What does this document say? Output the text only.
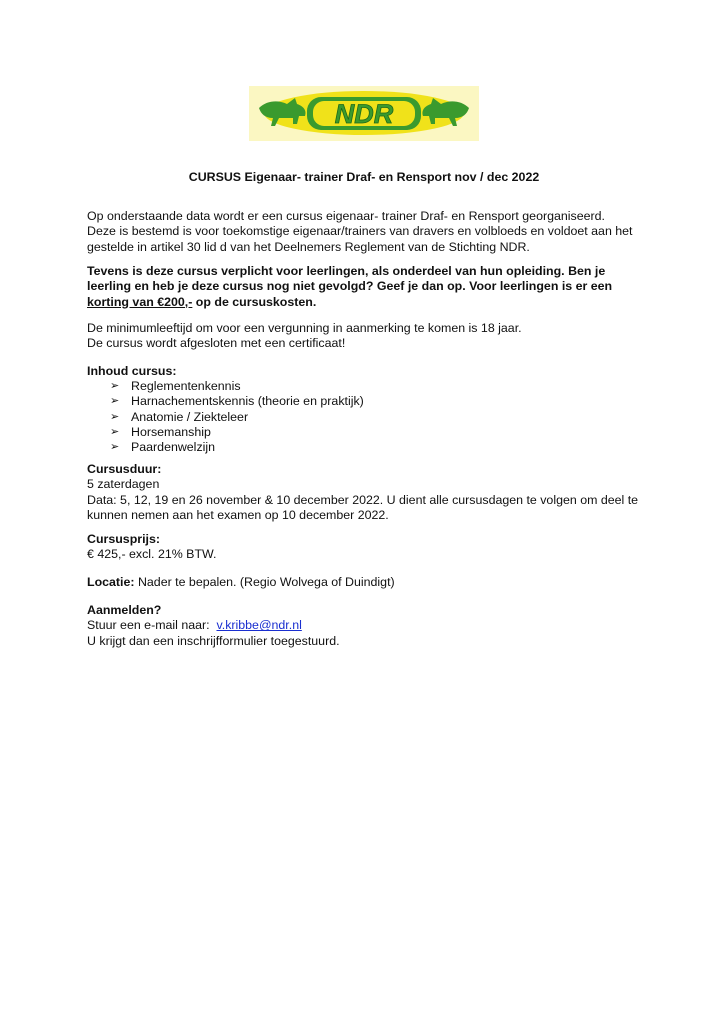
NDR
CURSUS Eigenaar- trainer Draf- en Rensport nov / dec 2022
Op onderstaande data wordt er een cursus eigenaar- trainer Draf- en Rensport georganiseerd.
Deze is bestemd is voor toekomstige eigenaar/trainers van dravers en volbloeds en voldoet aan het
gestelde in artikel 30 lid d van het Deelnemers Reglement van de Stichting NDR.
Tevens is deze cursus verplicht voor leerlingen, als onderdeel van hun opleiding. Ben je
leerling en heb je deze cursus nog niet gevolgd? Geef je dan op. Voor leerlingen is er een
korting van €200,- op de cursuskosten.
De minimumleeftijd om voor een vergunning in aanmerking te komen is 18 jaar.
De cursus wordt afgesloten met een certificaat!
Inhoud cursus:
➢ Reglementenkennis
➢ Harnachementskennis (theorie en praktijk)
➢ Anatomie / Ziekteleer
➢ Horsemanship
➢ Paardenwelzijn
Cursusduur:
5 zaterdagen
Data: 5, 12, 19 en 26 november & 10 december 2022. U dient alle cursusdagen te volgen om deel te
kunnen nemen aan het examen op 10 december 2022.
Cursusprijs:
€ 425,- excl. 21% BTW.
Locatie: Nader te bepalen. (Regio Wolvega of Duindigt)
Aanmelden?
Stuur een e-mail naar:  v.kribbe@ndr.nl
U krijgt dan een inschrijfformulier toegestuurd.
